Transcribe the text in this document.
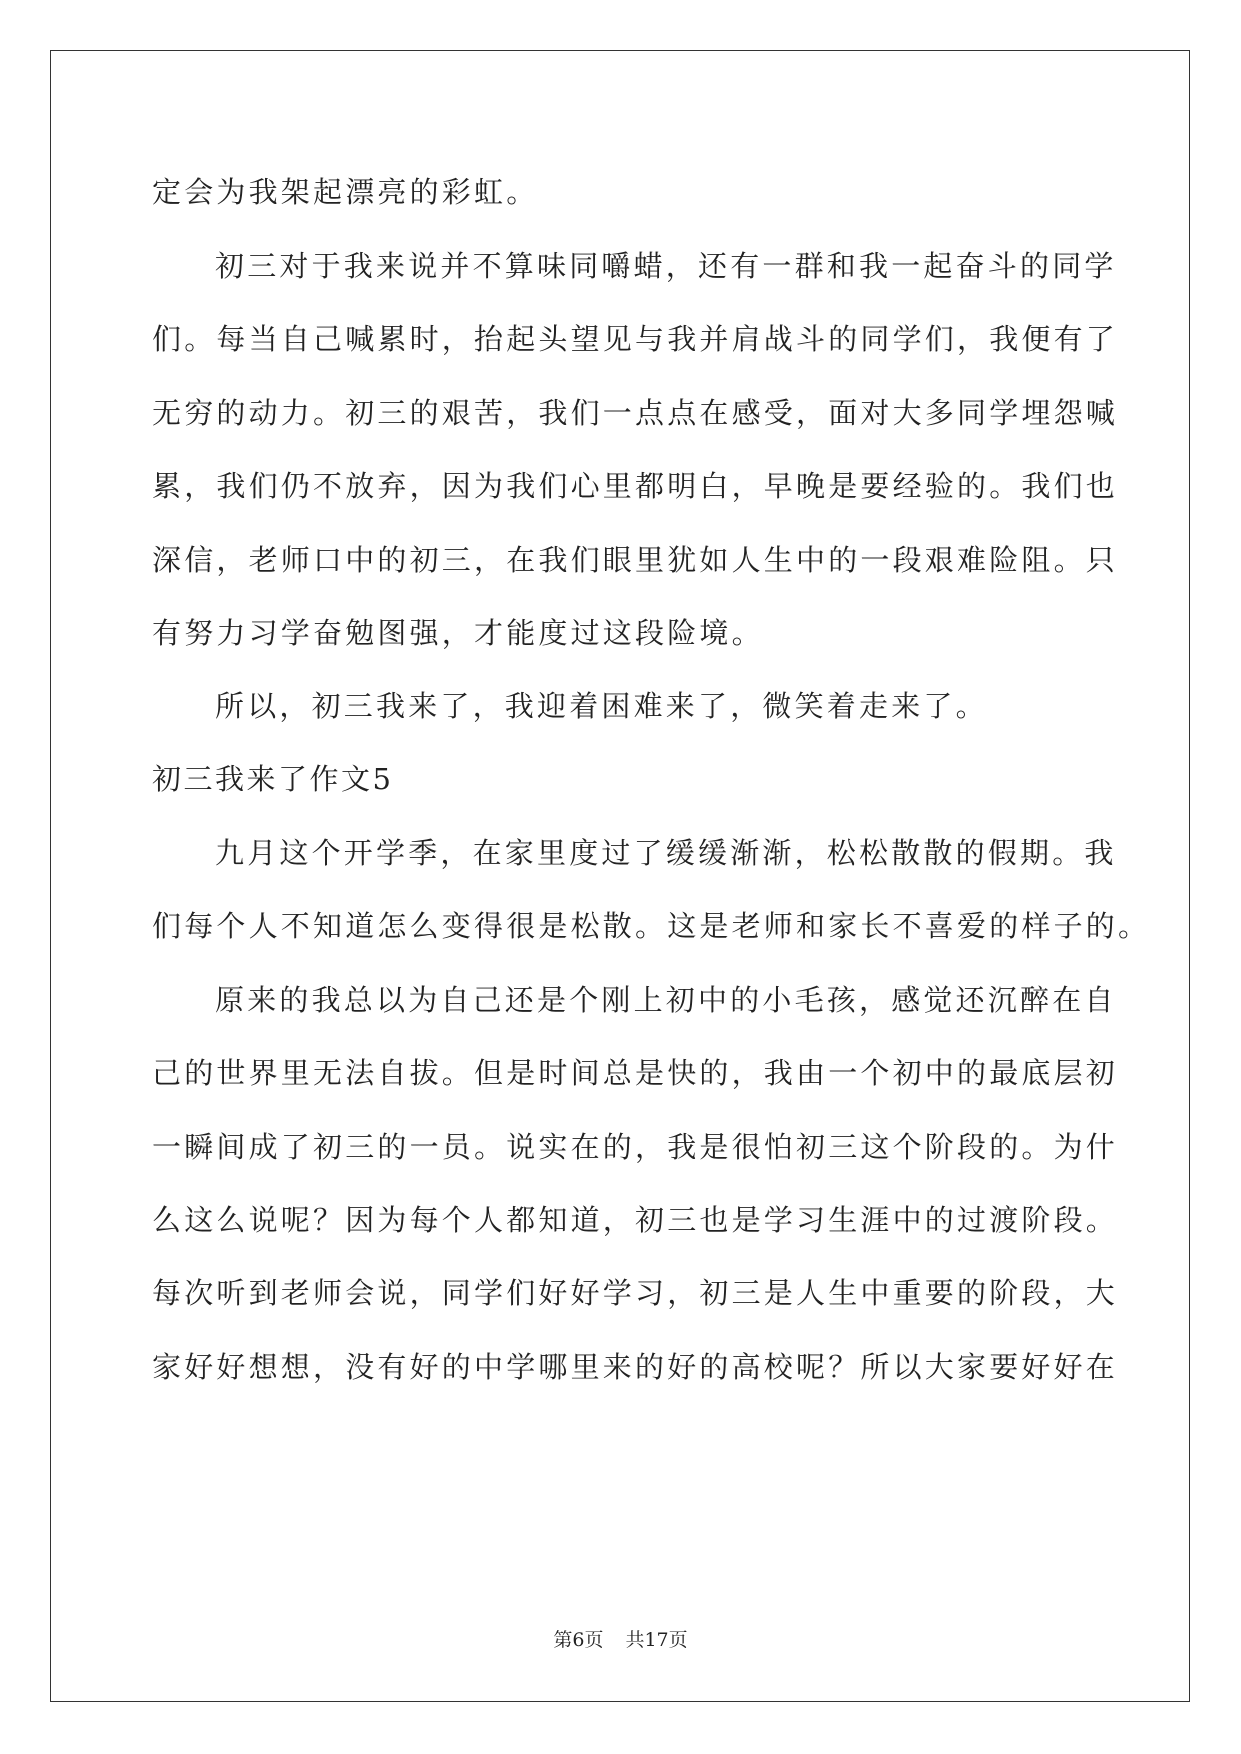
定会为我架起漂亮的彩虹。
初三对于我来说并不算味同嚼蜡，还有一群和我一起奋斗的同学
们。每当自己喊累时，抬起头望见与我并肩战斗的同学们，我便有了
无穷的动力。初三的艰苦，我们一点点在感受，面对大多同学埋怨喊
累，我们仍不放弃，因为我们心里都明白，早晚是要经验的。我们也
深信，老师口中的初三，在我们眼里犹如人生中的一段艰难险阻。只
有努力习学奋勉图强，才能度过这段险境。
所以，初三我来了，我迎着困难来了，微笑着走来了。
初三我来了作文5
九月这个开学季，在家里度过了缓缓渐渐，松松散散的假期。我
们每个人不知道怎么变得很是松散。这是老师和家长不喜爱的样子的。
原来的我总以为自己还是个刚上初中的小毛孩，感觉还沉醉在自
己的世界里无法自拔。但是时间总是快的，我由一个初中的最底层初
一瞬间成了初三的一员。说实在的，我是很怕初三这个阶段的。为什
么这么说呢？因为每个人都知道，初三也是学习生涯中的过渡阶段。
每次听到老师会说，同学们好好学习，初三是人生中重要的阶段，大
家好好想想，没有好的中学哪里来的好的高校呢？所以大家要好好在
第6页 共17页
